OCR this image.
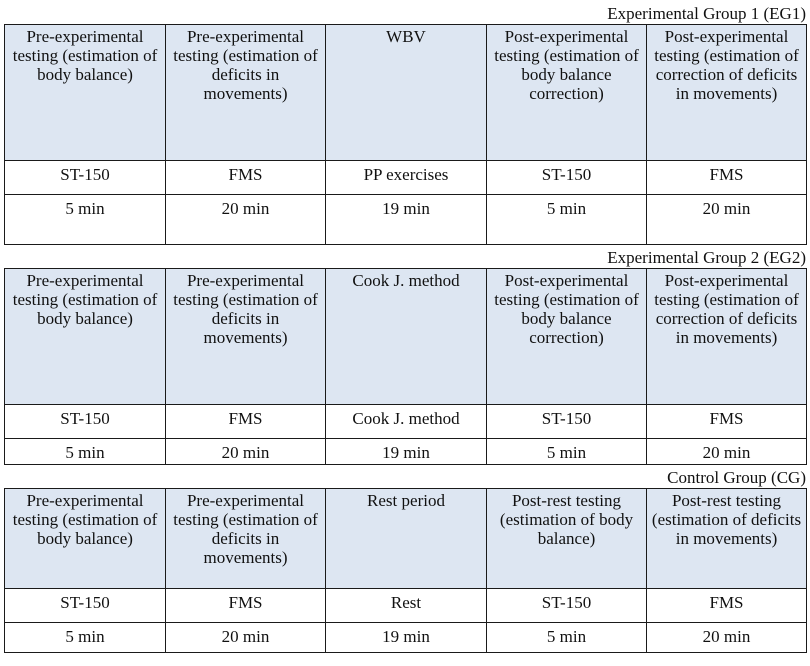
Experimental Group 1 (EG1)
Pre-experimental testing (estimation of body balance)	Pre-experimental testing (estimation of deficits in movements)	WBV	Post-experimental testing (estimation of body balance correction)	Post-experimental testing (estimation of correction of deficits in movements)

ST-150	FMS	PP exercises	ST-150	FMS
5 min	20 min	19 min	5 min	20 min
Experimental Group 2 (EG2)
Pre-experimental testing (estimation of body balance)	Pre-experimental testing (estimation of deficits in movements)	Cook J. method	Post-experimental testing (estimation of body balance correction)	Post-experimental testing (estimation of correction of deficits in movements)

ST-150	FMS	Cook J. method	ST-150	FMS
5 min	20 min	19 min	5 min	20 min
Control Group (CG)
Pre-experimental testing (estimation of body balance)	Pre-experimental testing (estimation of deficits in movements)	Rest period	Post-rest testing (estimation of body balance)	Post-rest testing (estimation of deficits in movements)

ST-150	FMS	Rest	ST-150	FMS
5 min	20 min	19 min	5 min	20 min
